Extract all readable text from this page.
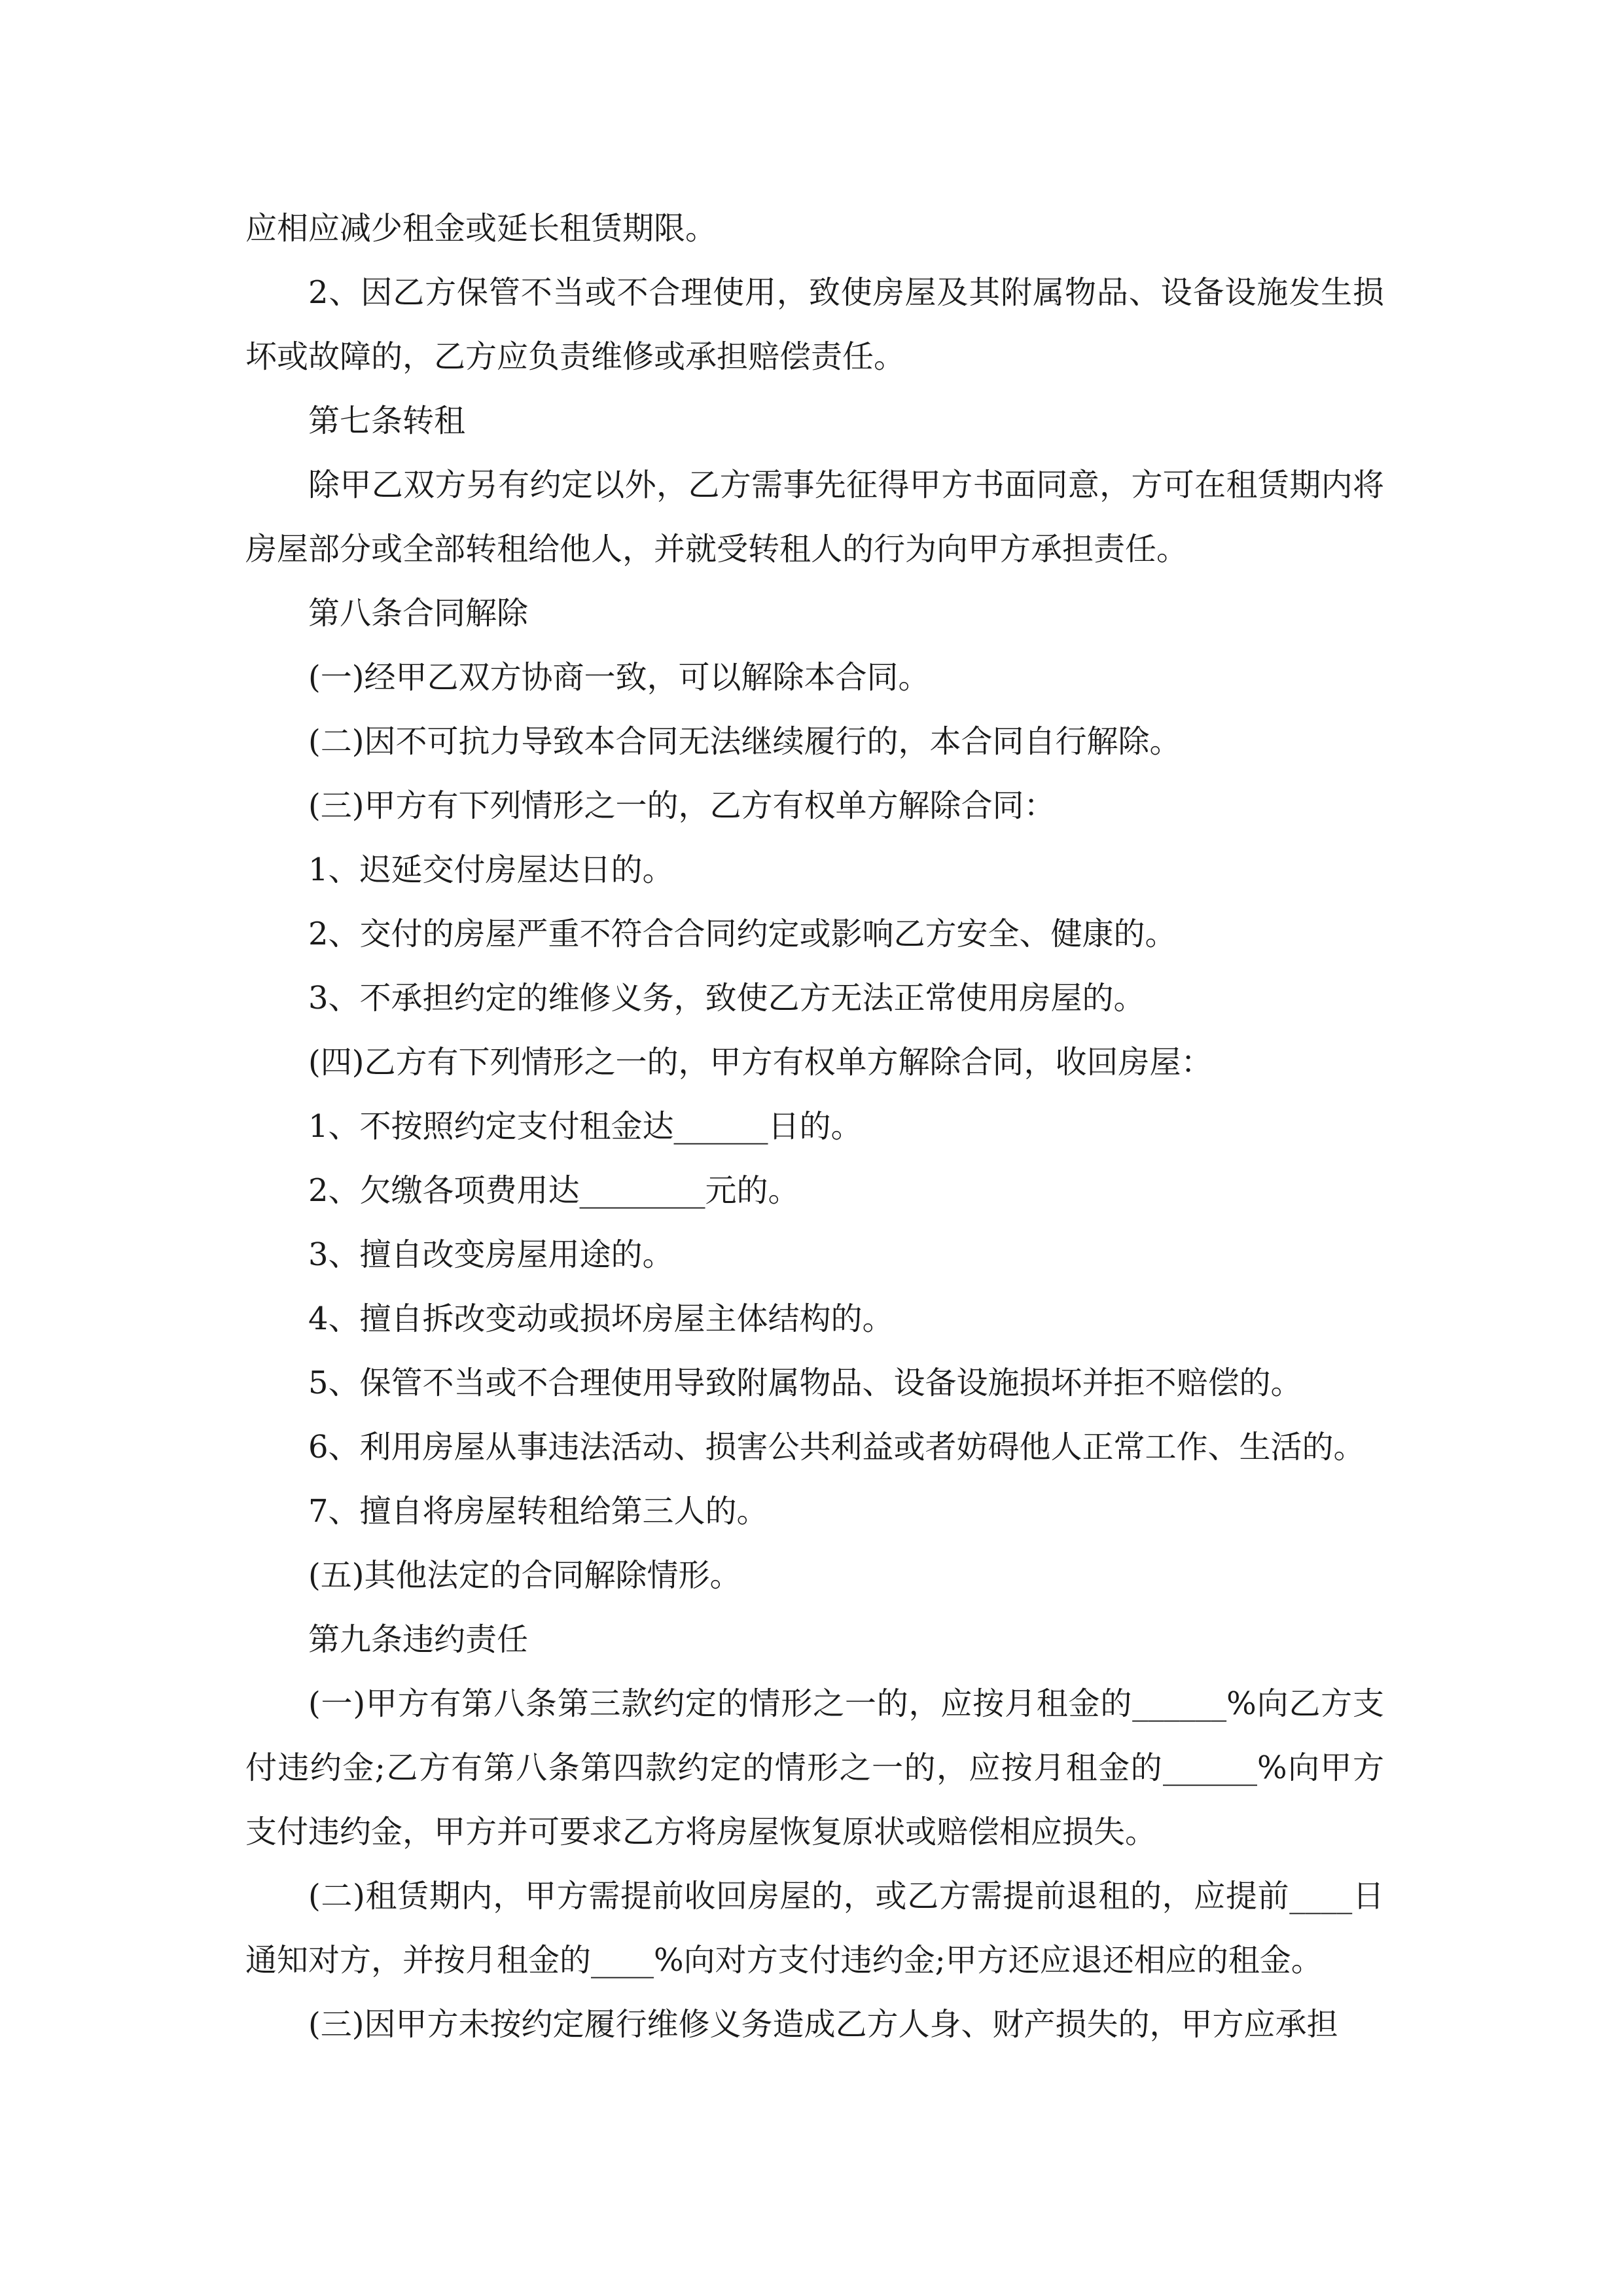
应相应减少租金或延长租赁期限。

2、因乙方保管不当或不合理使用，致使房屋及其附属物品、设备设施发生损坏或故障的，乙方应负责维修或承担赔偿责任。

第七条转租

除甲乙双方另有约定以外，乙方需事先征得甲方书面同意，方可在租赁期内将房屋部分或全部转租给他人，并就受转租人的行为向甲方承担责任。

第八条合同解除

(一)经甲乙双方协商一致，可以解除本合同。

(二)因不可抗力导致本合同无法继续履行的，本合同自行解除。

(三)甲方有下列情形之一的，乙方有权单方解除合同：

1、迟延交付房屋达日的。

2、交付的房屋严重不符合合同约定或影响乙方安全、健康的。

3、不承担约定的维修义务，致使乙方无法正常使用房屋的。

(四)乙方有下列情形之一的，甲方有权单方解除合同，收回房屋：

1、不按照约定支付租金达______日的。

2、欠缴各项费用达________元的。

3、擅自改变房屋用途的。

4、擅自拆改变动或损坏房屋主体结构的。

5、保管不当或不合理使用导致附属物品、设备设施损坏并拒不赔偿的。

6、利用房屋从事违法活动、损害公共利益或者妨碍他人正常工作、生活的。

7、擅自将房屋转租给第三人的。

(五)其他法定的合同解除情形。

第九条违约责任

(一)甲方有第八条第三款约定的情形之一的，应按月租金的______%向乙方支付违约金;乙方有第八条第四款约定的情形之一的，应按月租金的______%向甲方支付违约金，甲方并可要求乙方将房屋恢复原状或赔偿相应损失。

(二)租赁期内，甲方需提前收回房屋的，或乙方需提前退租的，应提前____日通知对方，并按月租金的____%向对方支付违约金;甲方还应退还相应的租金。

(三)因甲方未按约定履行维修义务造成乙方人身、财产损失的，甲方应承担
